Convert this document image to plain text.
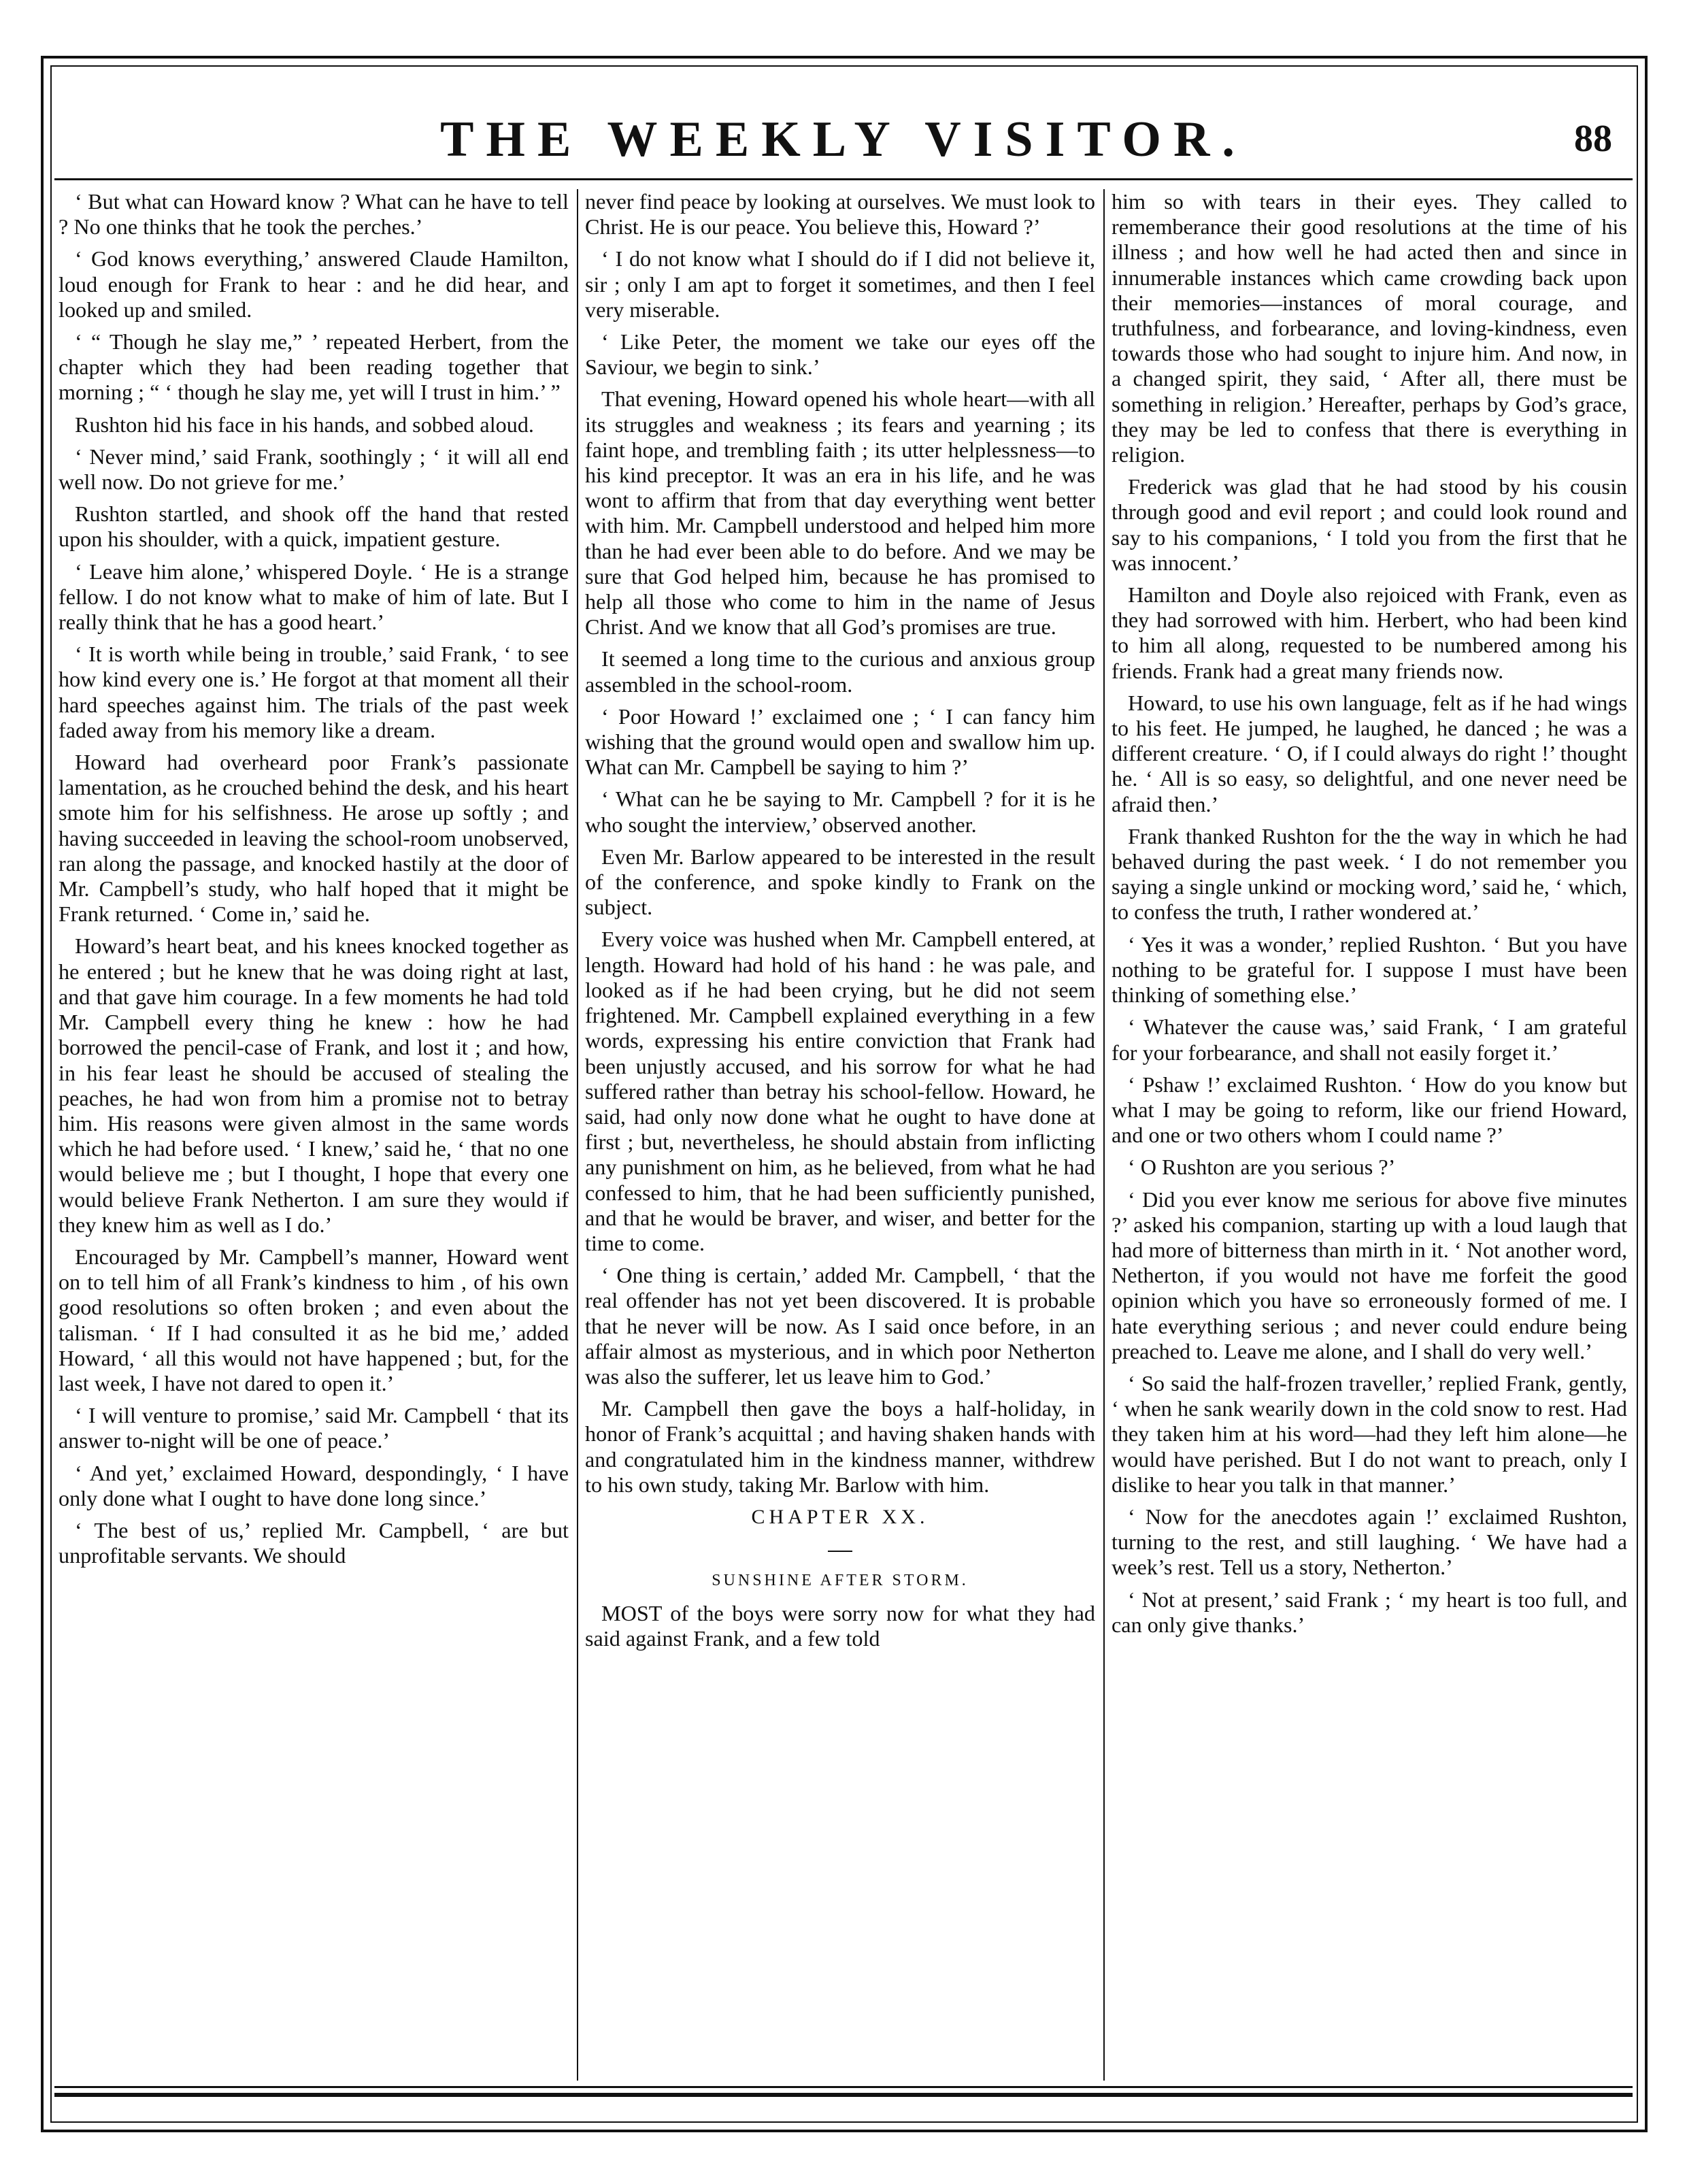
THE WEEKLY VISITOR.	88

‘ But what can Howard know ? What can he have to tell ? No one thinks that he took the perches.’

‘ God knows everything,’ answered Claude Hamilton, loud enough for Frank to hear : and he did hear, and looked up and smiled.

‘ “ Though he slay me,” ’ repeated Herbert, from the chapter which they had been reading together that morning ; “ ‘ though he slay me, yet will I trust in him.’ ”

Rushton hid his face in his hands, and sobbed aloud.

‘ Never mind,’ said Frank, soothingly ; ‘ it will all end well now. Do not grieve for me.’

Rushton startled, and shook off the hand that rested upon his shoulder, with a quick, impatient gesture.

‘ Leave him alone,’ whispered Doyle. ‘ He is a strange fellow. I do not know what to make of him of late. But I really think that he has a good heart.’

‘ It is worth while being in trouble,’ said Frank, ‘ to see how kind every one is.’ He forgot at that moment all their hard speeches against him. The trials of the past week faded away from his memory like a dream.

Howard had overheard poor Frank’s passionate lamentation, as he crouched behind the desk, and his heart smote him for his selfishness. He arose up softly ; and having succeeded in leaving the school-room unobserved, ran along the passage, and knocked hastily at the door of Mr. Campbell’s study, who half hoped that it might be Frank returned. ‘ Come in,’ said he.

Howard’s heart beat, and his knees knocked together as he entered ; but he knew that he was doing right at last, and that gave him courage. In a few moments he had told Mr. Campbell every thing he knew : how he had borrowed the pencil-case of Frank, and lost it ; and how, in his fear least he should be accused of stealing the peaches, he had won from him a promise not to betray him. His reasons were given almost in the same words which he had before used. ‘ I knew,’ said he, ‘ that no one would believe me ; but I thought, I hope that every one would believe Frank Netherton. I am sure they would if they knew him as well as I do.’

Encouraged by Mr. Campbell’s manner, Howard went on to tell him of all Frank’s kindness to him , of his own good resolutions so often broken ; and even about the talisman. ‘ If I had consulted it as he bid me,’ added Howard, ‘ all this would not have happened ; but, for the last week, I have not dared to open it.’

‘ I will venture to promise,’ said Mr. Campbell ‘ that its answer to-night will be one of peace.’

‘ And yet,’ exclaimed Howard, despondingly, ‘ I have only done what I ought to have done long since.’

‘ The best of us,’ replied Mr. Campbell, ‘ are but unprofitable servants. We should

never find peace by looking at ourselves. We must look to Christ. He is our peace. You believe this, Howard ?’

‘ I do not know what I should do if I did not believe it, sir ; only I am apt to forget it sometimes, and then I feel very miserable.

‘ Like Peter, the moment we take our eyes off the Saviour, we begin to sink.’

That evening, Howard opened his whole heart—with all its struggles and weakness ; its fears and yearning ; its faint hope, and trembling faith ; its utter helplessness—to his kind preceptor. It was an era in his life, and he was wont to affirm that from that day everything went better with him. Mr. Campbell understood and helped him more than he had ever been able to do before. And we may be sure that God helped him, because he has promised to help all those who come to him in the name of Jesus Christ. And we know that all God’s promises are true.

It seemed a long time to the curious and anxious group assembled in the school-room.

‘ Poor Howard !’ exclaimed one ; ‘ I can fancy him wishing that the ground would open and swallow him up. What can Mr. Campbell be saying to him ?’

‘ What can he be saying to Mr. Campbell ? for it is he who sought the interview,’ observed another.

Even Mr. Barlow appeared to be interested in the result of the conference, and spoke kindly to Frank on the subject.

Every voice was hushed when Mr. Campbell entered, at length. Howard had hold of his hand : he was pale, and looked as if he had been crying, but he did not seem frightened. Mr. Campbell explained everything in a few words, expressing his entire conviction that Frank had been unjustly accused, and his sorrow for what he had suffered rather than betray his school-fellow. Howard, he said, had only now done what he ought to have done at first ; but, nevertheless, he should abstain from inflicting any punishment on him, as he believed, from what he had confessed to him, that he had been sufficiently punished, and that he would be braver, and wiser, and better for the time to come.

‘ One thing is certain,’ added Mr. Campbell, ‘ that the real offender has not yet been discovered. It is probable that he never will be now. As I said once before, in an affair almost as mysterious, and in which poor Netherton was also the sufferer, let us leave him to God.’

Mr. Campbell then gave the boys a half-holiday, in honor of Frank’s acquittal ; and having shaken hands with and congratulated him in the kindness manner, withdrew to his own study, taking Mr. Barlow with him.

CHAPTER XX.

SUNSHINE AFTER STORM.

MOST of the boys were sorry now for what they had said against Frank, and a few told

him so with tears in their eyes. They called to rememberance their good resolutions at the time of his illness ; and how well he had acted then and since in innumerable instances which came crowding back upon their memories—instances of moral courage, and truthfulness, and forbearance, and loving-kindness, even towards those who had sought to injure him. And now, in a changed spirit, they said, ‘ After all, there must be something in religion.’ Hereafter, perhaps by God’s grace, they may be led to confess that there is everything in religion.

Frederick was glad that he had stood by his cousin through good and evil report ; and could look round and say to his companions, ‘ I told you from the first that he was innocent.’

Hamilton and Doyle also rejoiced with Frank, even as they had sorrowed with him. Herbert, who had been kind to him all along, requested to be numbered among his friends. Frank had a great many friends now.

Howard, to use his own language, felt as if he had wings to his feet. He jumped, he laughed, he danced ; he was a different creature. ‘ O, if I could always do right !’ thought he. ‘ All is so easy, so delightful, and one never need be afraid then.’

Frank thanked Rushton for the the way in which he had behaved during the past week. ‘ I do not remember you saying a single unkind or mocking word,’ said he, ‘ which, to confess the truth, I rather wondered at.’

‘ Yes it was a wonder,’ replied Rushton. ‘ But you have nothing to be grateful for. I suppose I must have been thinking of something else.’

‘ Whatever the cause was,’ said Frank, ‘ I am grateful for your forbearance, and shall not easily forget it.’

‘ Pshaw !’ exclaimed Rushton. ‘ How do you know but what I may be going to reform, like our friend Howard, and one or two others whom I could name ?’

‘ O Rushton are you serious ?’

‘ Did you ever know me serious for above five minutes ?’ asked his companion, starting up with a loud laugh that had more of bitterness than mirth in it. ‘ Not another word, Netherton, if you would not have me forfeit the good opinion which you have so erroneously formed of me. I hate everything serious ; and never could endure being preached to. Leave me alone, and I shall do very well.’

‘ So said the half-frozen traveller,’ replied Frank, gently, ‘ when he sank wearily down in the cold snow to rest. Had they taken him at his word—had they left him alone—he would have perished. But I do not want to preach, only I dislike to hear you talk in that manner.’

‘ Now for the anecdotes again !’ exclaimed Rushton, turning to the rest, and still laughing. ‘ We have had a week’s rest. Tell us a story, Netherton.’

‘ Not at present,’ said Frank ; ‘ my heart is too full, and can only give thanks.’
